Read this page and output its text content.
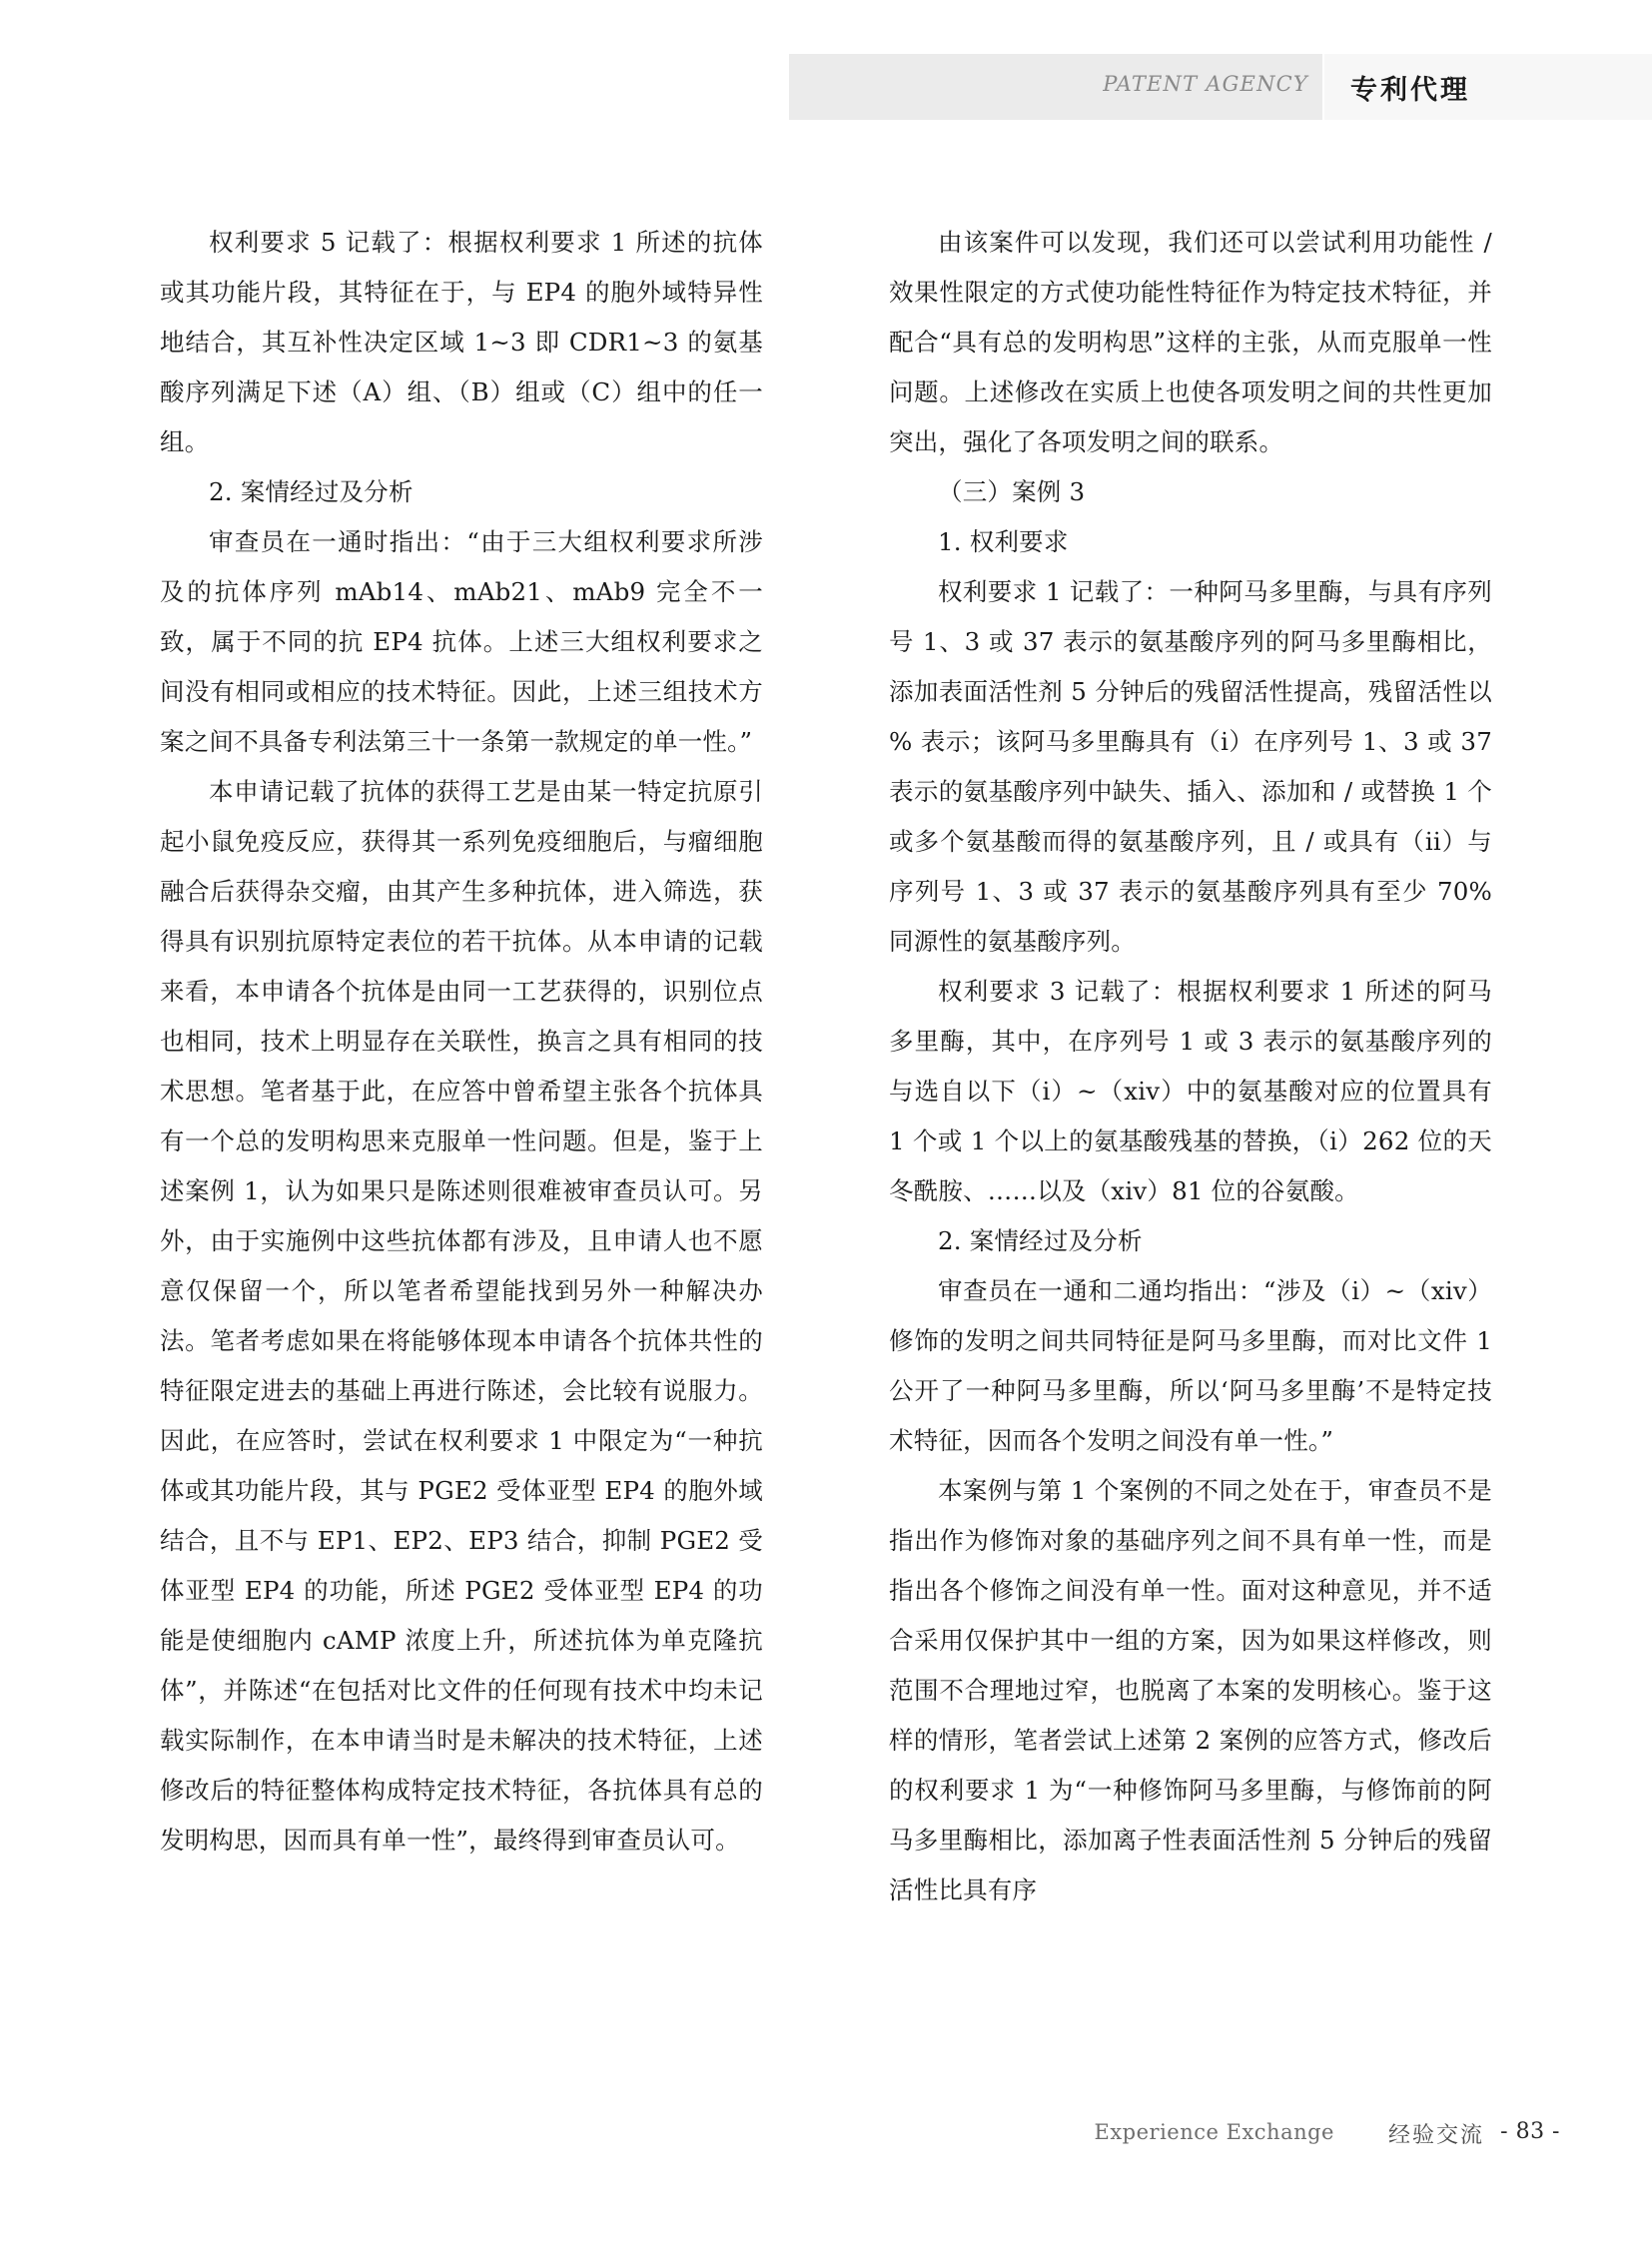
PATENT AGENCY 专利代理

权利要求 5 记载了：根据权利要求 1 所述的抗体或其功能片段，其特征在于，与 EP4 的胞外域特异性地结合，其互补性决定区域 1~3 即 CDR1~3 的氨基酸序列满足下述（A）组、（B）组或（C）组中的任一组。

2. 案情经过及分析

审查员在一通时指出：“由于三大组权利要求所涉及的抗体序列 mAb14、mAb21、mAb9 完全不一致，属于不同的抗 EP4 抗体。上述三大组权利要求之间没有相同或相应的技术特征。因此，上述三组技术方案之间不具备专利法第三十一条第一款规定的单一性。”

本申请记载了抗体的获得工艺是由某一特定抗原引起小鼠免疫反应，获得其一系列免疫细胞后，与瘤细胞融合后获得杂交瘤，由其产生多种抗体，进入筛选，获得具有识别抗原特定表位的若干抗体。从本申请的记载来看，本申请各个抗体是由同一工艺获得的，识别位点也相同，技术上明显存在关联性，换言之具有相同的技术思想。笔者基于此，在应答中曾希望主张各个抗体具有一个总的发明构思来克服单一性问题。但是，鉴于上述案例 1，认为如果只是陈述则很难被审查员认可。另外，由于实施例中这些抗体都有涉及，且申请人也不愿意仅保留一个，所以笔者希望能找到另外一种解决办法。笔者考虑如果在将能够体现本申请各个抗体共性的特征限定进去的基础上再进行陈述，会比较有说服力。因此，在应答时，尝试在权利要求 1 中限定为“一种抗体或其功能片段，其与 PGE2 受体亚型 EP4 的胞外域结合，且不与 EP1、EP2、EP3 结合，抑制 PGE2 受体亚型 EP4 的功能，所述 PGE2 受体亚型 EP4 的功能是使细胞内 cAMP 浓度上升，所述抗体为单克隆抗体”，并陈述“在包括对比文件的任何现有技术中均未记载实际制作，在本申请当时是未解决的技术特征，上述修改后的特征整体构成特定技术特征，各抗体具有总的发明构思，因而具有单一性”，最终得到审查员认可。

由该案件可以发现，我们还可以尝试利用功能性 / 效果性限定的方式使功能性特征作为特定技术特征，并配合“具有总的发明构思”这样的主张，从而克服单一性问题。上述修改在实质上也使各项发明之间的共性更加突出，强化了各项发明之间的联系。

（三）案例 3

1. 权利要求

权利要求 1 记载了：一种阿马多里酶，与具有序列号 1、3 或 37 表示的氨基酸序列的阿马多里酶相比，添加表面活性剂 5 分钟后的残留活性提高，残留活性以 % 表示；该阿马多里酶具有（i）在序列号 1、3 或 37 表示的氨基酸序列中缺失、插入、添加和 / 或替换 1 个或多个氨基酸而得的氨基酸序列，且 / 或具有（ii）与序列号 1、3 或 37 表示的氨基酸序列具有至少 70% 同源性的氨基酸序列。

权利要求 3 记载了：根据权利要求 1 所述的阿马多里酶，其中，在序列号 1 或 3 表示的氨基酸序列的与选自以下（i）~（xiv）中的氨基酸对应的位置具有 1 个或 1 个以上的氨基酸残基的替换，（i）262 位的天冬酰胺、……以及（xiv）81 位的谷氨酸。

2. 案情经过及分析

审查员在一通和二通均指出：“涉及（i）~（xiv）修饰的发明之间共同特征是阿马多里酶，而对比文件 1 公开了一种阿马多里酶，所以‘阿马多里酶’不是特定技术特征，因而各个发明之间没有单一性。”

本案例与第 1 个案例的不同之处在于，审查员不是指出作为修饰对象的基础序列之间不具有单一性，而是指出各个修饰之间没有单一性。面对这种意见，并不适合采用仅保护其中一组的方案，因为如果这样修改，则范围不合理地过窄，也脱离了本案的发明核心。鉴于这样的情形，笔者尝试上述第 2 案例的应答方式，修改后的权利要求 1 为“一种修饰阿马多里酶，与修饰前的阿马多里酶相比，添加离子性表面活性剂 5 分钟后的残留活性比具有序

Experience Exchange 经验交流 - 83 -
